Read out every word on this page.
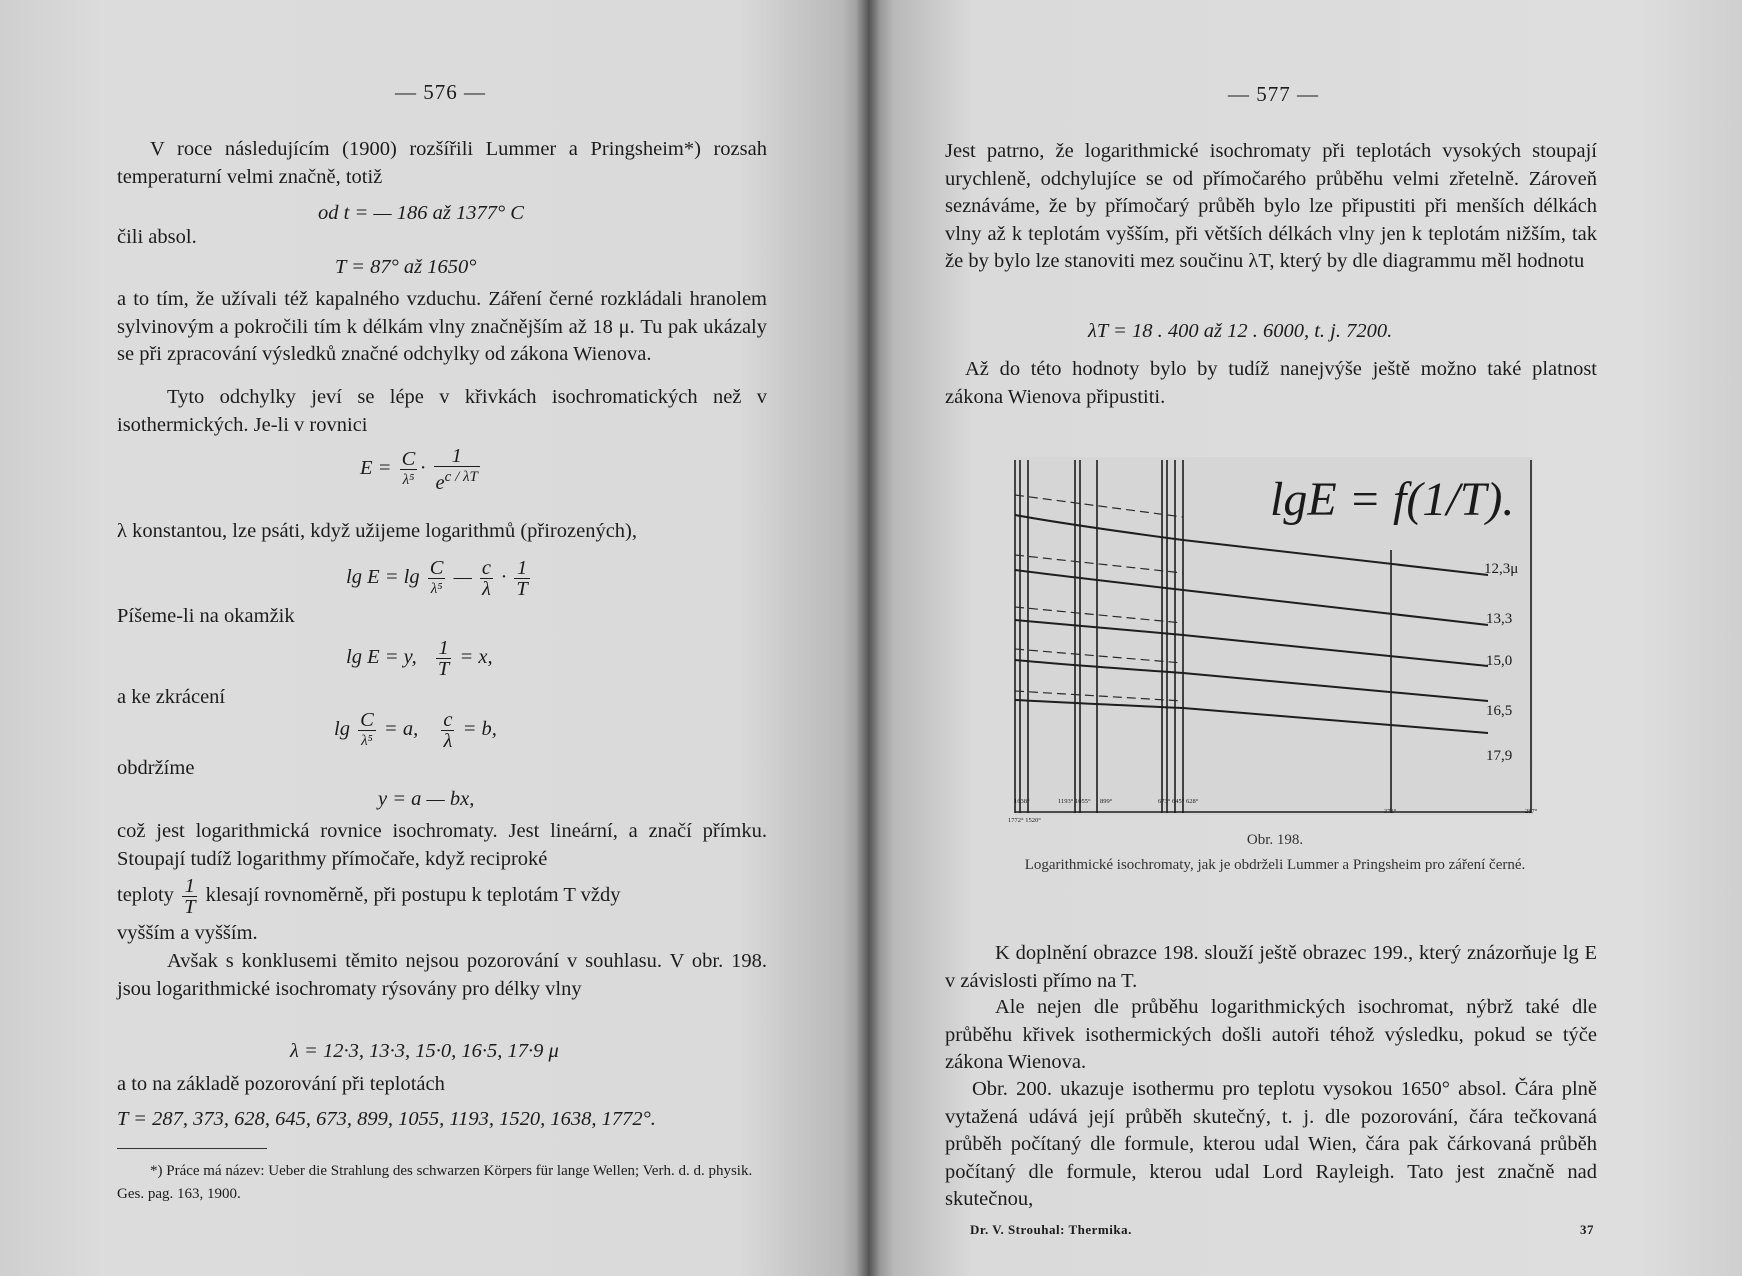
— 576 —
V roce následujícím (1900) rozšířili Lummer a Pringsheim*) rozsah temperaturní velmi značně, totiž
od t = — 186 až 1377° C
čili absol.
T = 87° až 1650°
a to tím, že užívali též kapalného vzduchu. Záření černé rozkládali hranolem sylvinovým a pokročili tím k délkám vlny značnějším až 18 μ. Tu pak ukázaly se při zpracování výsledků značné odchylky od zákona Wienova.
Tyto odchylky jeví se lépe v křivkách isochromatických než v isothermických. Je-li v rovnici
$E = \frac{C}{\text{λ⁵}} \cdot \frac{1}{e^{c / \lambda T}}$
λ konstantou, lze psáti, když užijeme logarithmů (přirozených),
$\lg E = \lg \frac{C}{\text{λ⁵}}$ — $\frac{c}{\lambda} \cdot \frac{1}{T}$
Píšeme-li na okamžik
lg E = y, $\frac{1}{T} = x$,
a ke zkrácení
$\lg \frac{C}{\text{λ⁵}} = a$, $\frac{c}{\lambda} = b$,
obdržíme
y = a — bx,
což jest logarithmická rovnice isochromaty. Jest lineární, a značí přímku. Stoupají tudíž logarithmy přímočaře, když reciproké
teploty $\frac{1}{T}$ klesají rovnoměrně, při postupu k teplotám T vždy
vyšším a vyšším.
Avšak s konklusemi těmito nejsou pozorování v souhlasu. V obr. 198. jsou logarithmické isochromaty rýsovány pro délky vlny
λ = 12·3, 13·3, 15·0, 16·5, 17·9 μ
a to na základě pozorování při teplotách
T = 287, 373, 628, 645, 673, 899, 1055, 1193, 1520, 1638, 1772°.
*) Práce má název: Ueber die Strahlung des schwarzen Körpers für lange Wellen; Verh. d. d. physik. Ges. pag. 163, 1900.
— 577 —
Jest patrno, že logarithmické isochromaty při teplotách vysokých stoupají urychleně, odchylujíce se od přímočarého průběhu velmi zřetelně. Zároveň seznáváme, že by přímočarý průběh bylo lze připustiti při menších délkách vlny až k teplotám vyšším, při větších délkách vlny jen k teplotám nižším, tak že by bylo lze stanoviti mez součinu λT, který by dle diagrammu měl hodnotu
λT = 18 . 400 až 12 . 6000, t. j. 7200.
Až do této hodnoty bylo by tudíž nanejvýše ještě možno také platnost zákona Wienova připustiti.
lgE = f(1/T).
12,3μ
13,3
15,0
16,5
17,9
1638°
1772° 1520°
1193° 1055° 899°	673° 645° 628°
373°	287°
Obr. 198.
Logarithmické isochromaty, jak je obdrželi Lummer a Pringsheim pro záření černé.
K doplnění obrazce 198. slouží ještě obrazec 199., který znázorňuje lg E v závislosti přímo na T.
Ale nejen dle průběhu logarithmických isochromat, nýbrž také dle průběhu křivek isothermických došli autoři téhož výsledku, pokud se týče zákona Wienova.
Obr. 200. ukazuje isothermu pro teplotu vysokou 1650° absol. Čára plně vytažená udává její průběh skutečný, t. j. dle pozorování, čára tečkovaná průběh počítaný dle formule, kterou udal Wien, čára pak čárkovaná průběh počítaný dle formule, kterou udal Lord Rayleigh. Tato jest značně nad skutečnou,
Dr. V. Strouhal: Thermika.	37
